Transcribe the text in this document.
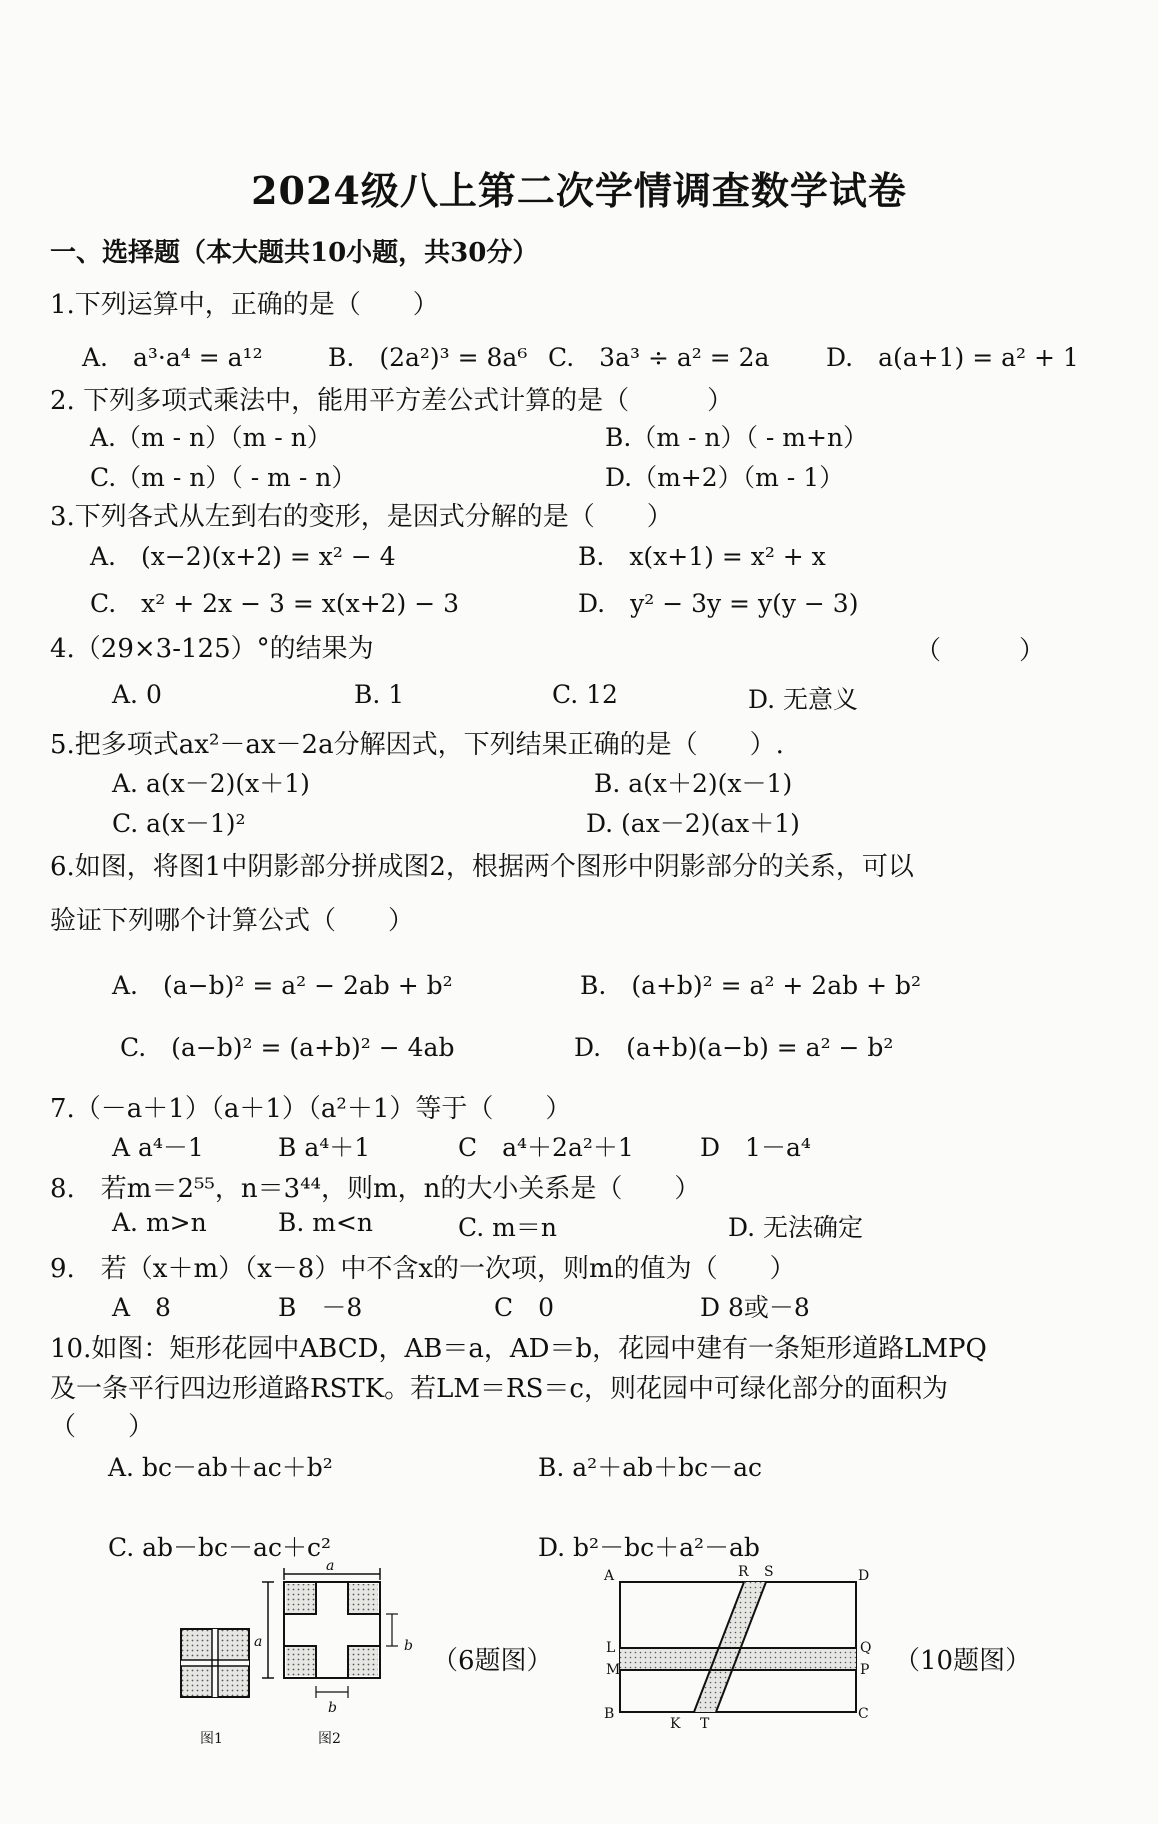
2024级八上第二次学情调查数学试卷
一、选择题（本大题共10小题，共30分）
1.下列运算中，正确的是（　　）
A.　a³·a⁴ = a¹²	B.　(2a²)³ = 8a⁶ C.　3a³ ÷ a² = 2a D.　a(a+1) = a² + 1
2. 下列多项式乘法中，能用平方差公式计算的是（　　　）
A.（m - n）（m - n）	B.（m - n）（ - m+n）
C.（m - n）（ - m - n）	D.（m+2）（m - 1）
3.下列各式从左到右的变形，是因式分解的是（　　）
A.　(x−2)(x+2) = x² − 4	B.　x(x+1) = x² + x
C.　x² + 2x − 3 = x(x+2) − 3	D.　y² − 3y = y(y − 3)
4.（29×3-125）°的结果为	（　　　）
A. 0	B. 1	C. 12	D. 无意义
5.把多项式ax²－ax－2a分解因式，下列结果正确的是（　　）.
A. a(x－2)(x＋1)	B. a(x＋2)(x－1)
C. a(x－1)²	D. (ax－2)(ax＋1)
6.如图，将图1中阴影部分拼成图2，根据两个图形中阴影部分的关系，可以
验证下列哪个计算公式（　　）
A.　(a−b)² = a² − 2ab + b²	B.　(a+b)² = a² + 2ab + b²
C.　(a−b)² = (a+b)² − 4ab	D.　(a+b)(a−b) = a² − b²
7.（－a＋1）（a＋1）（a²＋1）等于（　　）
A a⁴－1	B a⁴＋1	C　a⁴＋2a²＋1	D　1－a⁴
8.　若m＝2⁵⁵，n＝3⁴⁴，则m，n的大小关系是（　　）
A. m>n	B. m<n	C. m＝n	D. 无法确定
9.　若（x＋m）（x－8）中不含x的一次项，则m的值为（　　）
A　8	B　－8	C　0	D 8或－8
10.如图：矩形花园中ABCD，AB＝a，AD＝b，花园中建有一条矩形道路LMPQ
及一条平行四边形道路RSTK。若LM＝RS＝c，则花园中可绿化部分的面积为
（　　）
A. bc－ab＋ac＋b²	B. a²＋ab＋bc－ac
C. ab－bc－ac＋c²	D. b²－bc＋a²－ab
图1
a
a	b
b
图2
（6题图）
A	D
B	C
R S
K T
L
M
Q
P （10题图）
